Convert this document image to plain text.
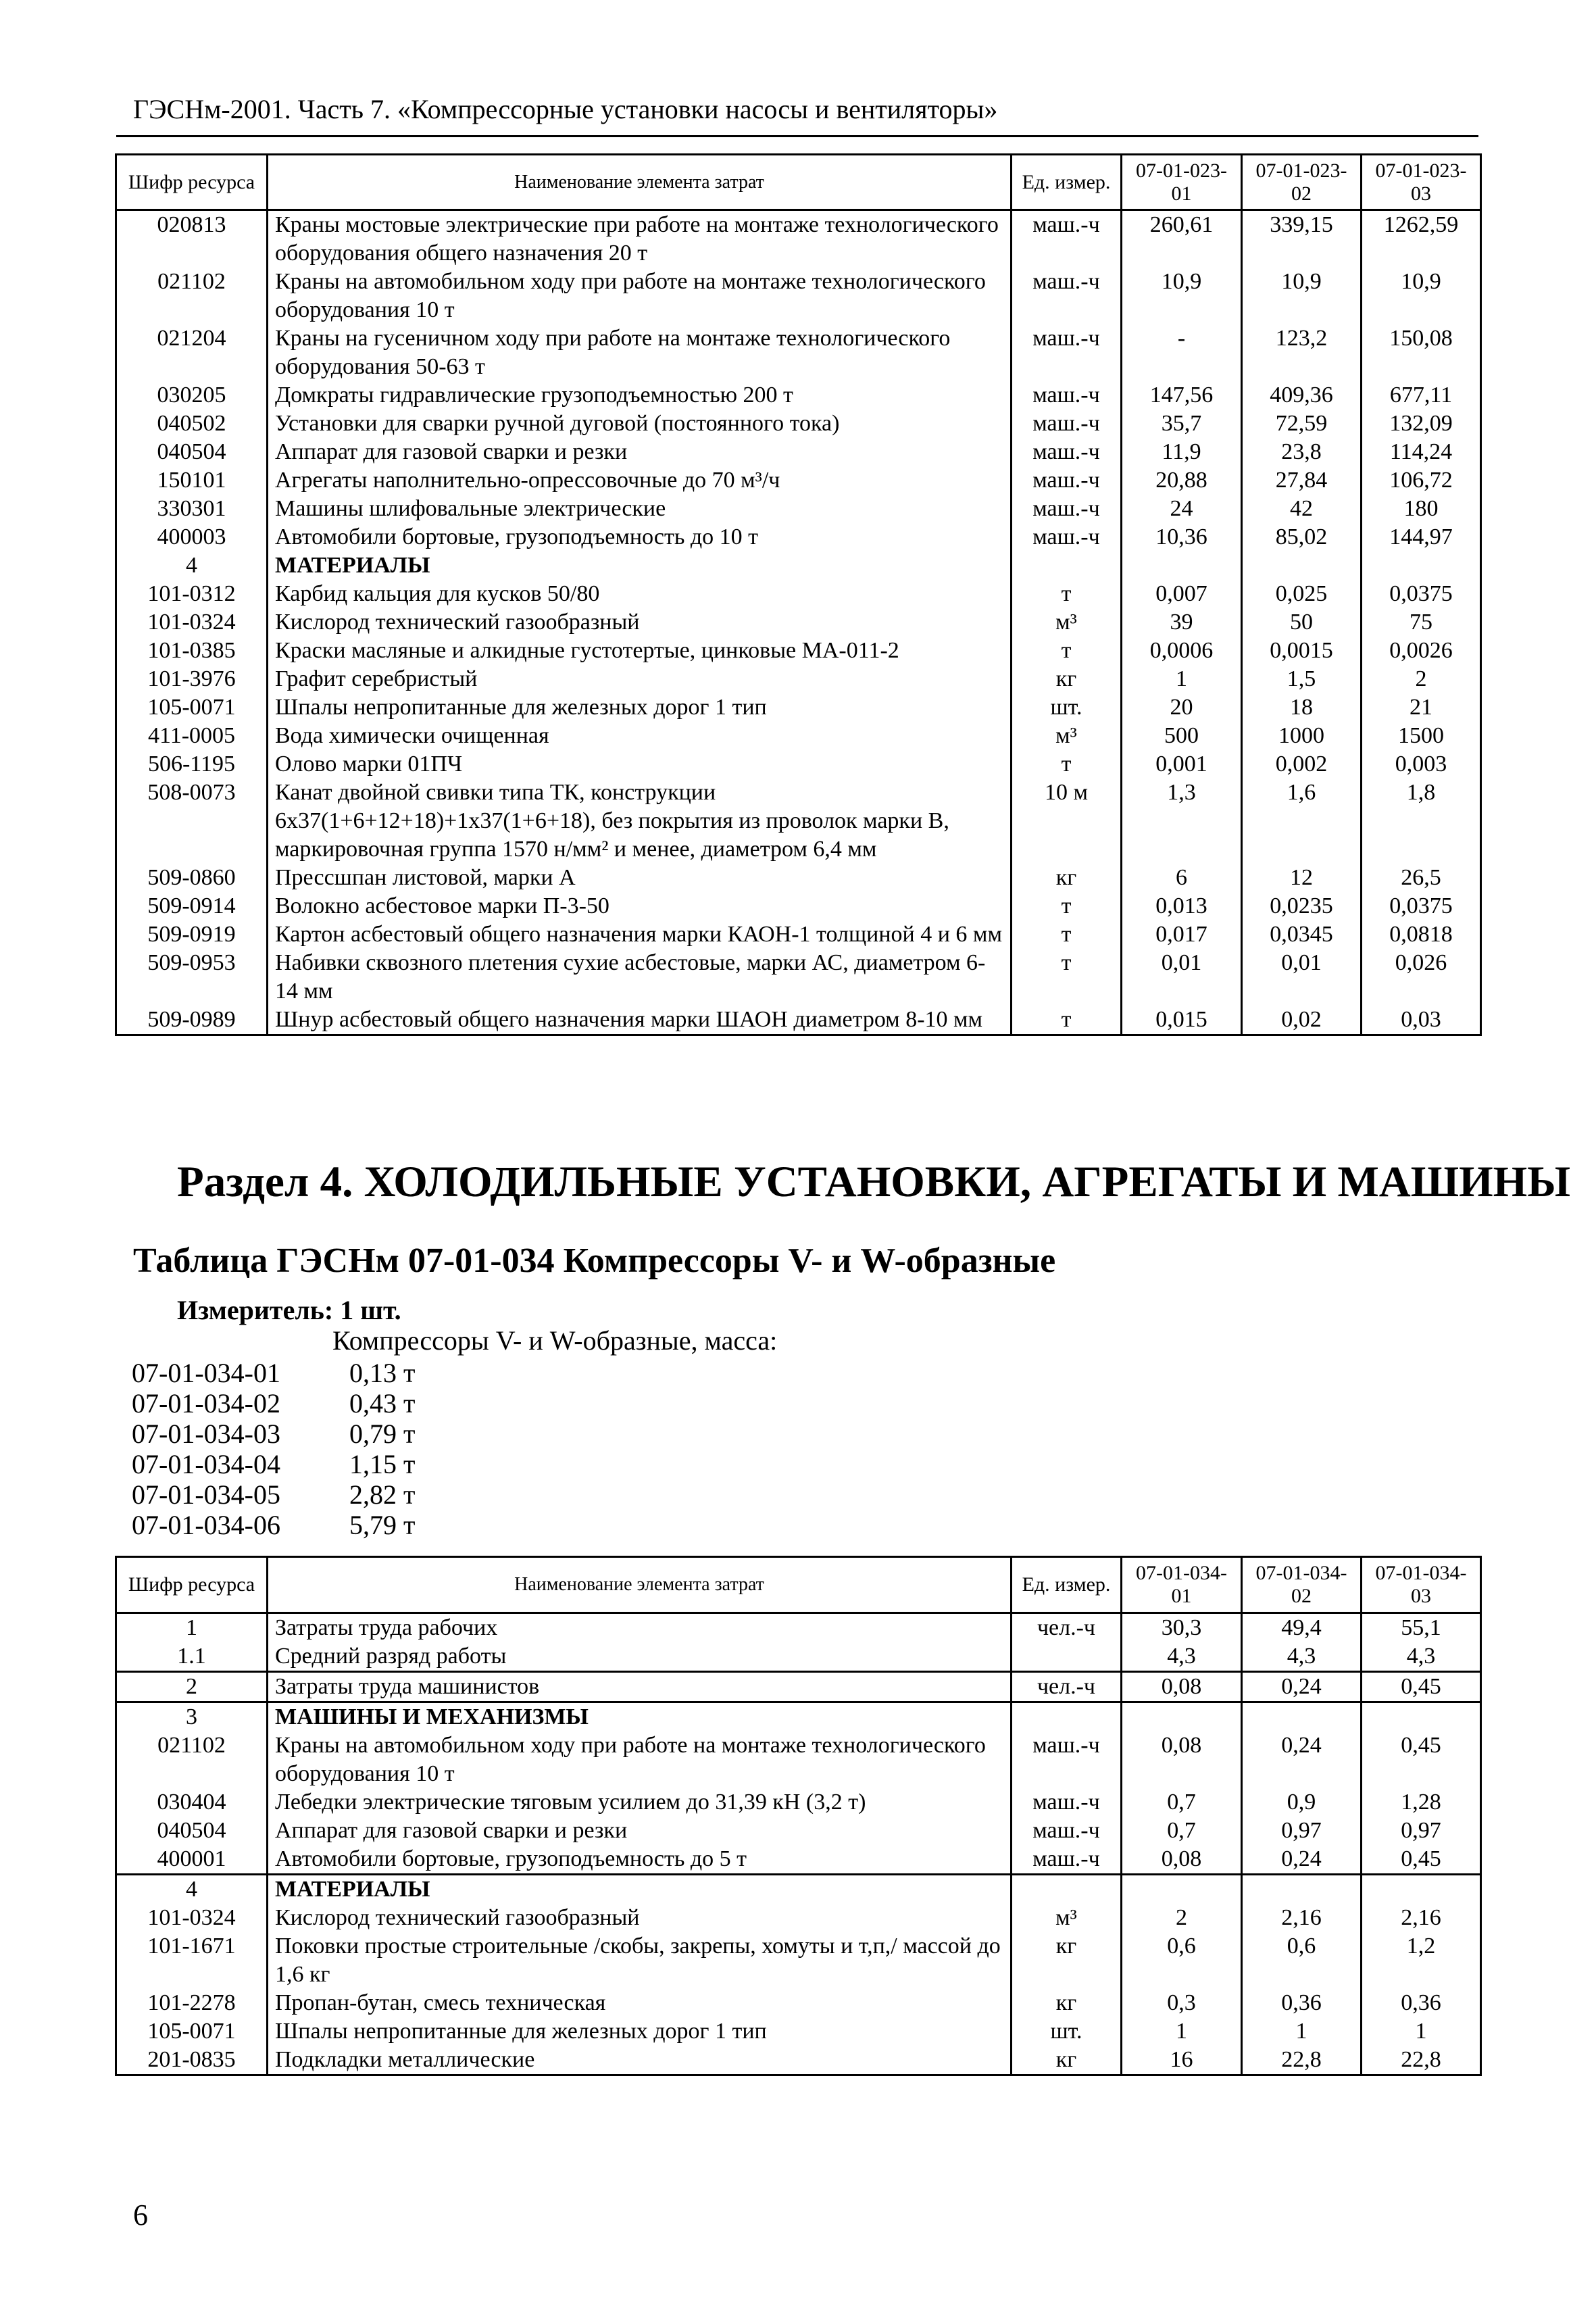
ГЭСНм-2001. Часть 7. «Компрессорные установки насосы и вентиляторы»
Шифр ресурса	Наименование элемента затрат	Ед. измер.	07-01-023-01	07-01-023-02	07-01-023-03
020813	Краны мостовые электрические при работе на монтаже технологического оборудования общего назначения 20 т	маш.-ч	260,61	339,15	1262,59
021102	Краны на автомобильном ходу при работе на монтаже технологического оборудования 10 т	маш.-ч	10,9	10,9	10,9
021204	Краны на гусеничном ходу при работе на монтаже технологического оборудования 50-63 т	маш.-ч	-	123,2	150,08
030205	Домкраты гидравлические грузоподъемностью 200 т	маш.-ч	147,56	409,36	677,11
040502	Установки для сварки ручной дуговой (постоянного тока)	маш.-ч	35,7	72,59	132,09
040504	Аппарат для газовой сварки и резки	маш.-ч	11,9	23,8	114,24
150101	Агрегаты наполнительно-опрессовочные до 70 м³/ч	маш.-ч	20,88	27,84	106,72
330301	Машины шлифовальные электрические	маш.-ч	24	42	180
400003	Автомобили бортовые, грузоподъемность до 10 т	маш.-ч	10,36	85,02	144,97
4	МАТЕРИАЛЫ				
101-0312	Карбид кальция для кусков 50/80	т	0,007	0,025	0,0375
101-0324	Кислород технический газообразный	м³	39	50	75
101-0385	Краски масляные и алкидные густотертые, цинковые МА-011-2	т	0,0006	0,0015	0,0026
101-3976	Графит серебристый	кг	1	1,5	2
105-0071	Шпалы непропитанные для железных дорог 1 тип	шт.	20	18	21
411-0005	Вода химически очищенная	м³	500	1000	1500
506-1195	Олово марки 01ПЧ	т	0,001	0,002	0,003
508-0073	Канат двойной свивки типа ТК, конструкции 6х37(1+6+12+18)+1х37(1+6+18), без покрытия из проволок марки В, маркировочная группа 1570 н/мм² и менее, диаметром 6,4 мм	10 м	1,3	1,6	1,8
509-0860	Прессшпан листовой, марки А	кг	6	12	26,5
509-0914	Волокно асбестовое марки П-3-50	т	0,013	0,0235	0,0375
509-0919	Картон асбестовый общего назначения марки КАОН-1 толщиной 4 и 6 мм	т	0,017	0,0345	0,0818
509-0953	Набивки сквозного плетения сухие асбестовые, марки АС, диаметром 6-14 мм	т	0,01	0,01	0,026
509-0989	Шнур асбестовый общего назначения марки ШАОН диаметром 8-10 мм	т	0,015	0,02	0,03
Раздел 4. ХОЛОДИЛЬНЫЕ УСТАНОВКИ, АГРЕГАТЫ И МАШИНЫ
Таблица ГЭСНм 07-01-034 Компрессоры V- и W-образные
Измеритель: 1 шт.
Компрессоры V- и W-образные, масса:
07-01-034-01	0,13 т
07-01-034-02	0,43 т
07-01-034-03	0,79 т
07-01-034-04	1,15 т
07-01-034-05	2,82 т
07-01-034-06	5,79 т
Шифр ресурса	Наименование элемента затрат	Ед. измер.	07-01-034-01	07-01-034-02	07-01-034-03
1	Затраты труда рабочих	чел.-ч	30,3	49,4	55,1
1.1	Средний разряд работы		4,3	4,3	4,3
2	Затраты труда машинистов	чел.-ч	0,08	0,24	0,45
3	МАШИНЫ И МЕХАНИЗМЫ				
021102	Краны на автомобильном ходу при работе на монтаже технологического оборудования 10 т	маш.-ч	0,08	0,24	0,45
030404	Лебедки электрические тяговым усилием до 31,39 кН (3,2 т)	маш.-ч	0,7	0,9	1,28
040504	Аппарат для газовой сварки и резки	маш.-ч	0,7	0,97	0,97
400001	Автомобили бортовые, грузоподъемность до 5 т	маш.-ч	0,08	0,24	0,45
4	МАТЕРИАЛЫ				
101-0324	Кислород технический газообразный	м³	2	2,16	2,16
101-1671	Поковки простые строительные /скобы, закрепы, хомуты и т,п,/ массой до 1,6 кг	кг	0,6	0,6	1,2
101-2278	Пропан-бутан, смесь техническая	кг	0,3	0,36	0,36
105-0071	Шпалы непропитанные для железных дорог 1 тип	шт.	1	1	1
201-0835	Подкладки металлические	кг	16	22,8	22,8
6
